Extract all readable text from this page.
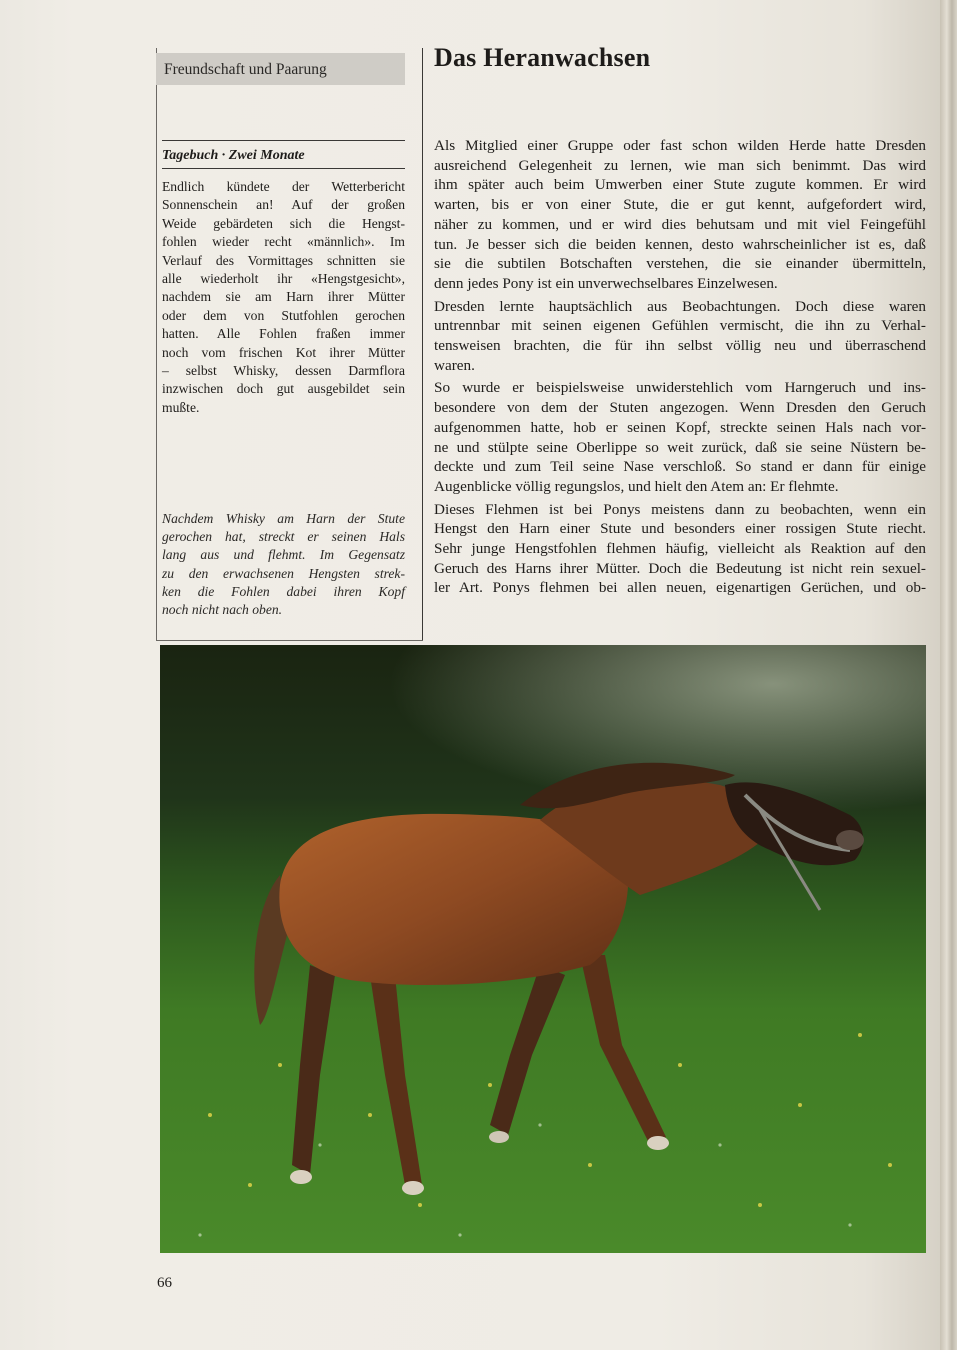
Freundschaft und Paarung	Das Heranwachsen
Tagebuch · Zwei Monate
Endlich kündete der Wetterbericht
Sonnenschein an! Auf der großen
Weide gebärdeten sich die Hengst-
fohlen wieder recht «männlich». Im
Verlauf des Vormittages schnitten sie
alle wiederholt ihr «Hengstgesicht»,
nachdem sie am Harn ihrer Mütter
oder dem von Stutfohlen gerochen
hatten. Alle Fohlen fraßen immer
noch vom frischen Kot ihrer Mütter
– selbst Whisky, dessen Darmflora
inzwischen doch gut ausgebildet sein
mußte.
Nachdem Whisky am Harn der Stute
gerochen hat, streckt er seinen Hals
lang aus und flehmt. Im Gegensatz
zu den erwachsenen Hengsten strek-
ken die Fohlen dabei ihren Kopf
noch nicht nach oben.

Als Mitglied einer Gruppe oder fast schon wilden Herde hatte Dresden
ausreichend Gelegenheit zu lernen, wie man sich benimmt. Das wird
ihm später auch beim Umwerben einer Stute zugute kommen. Er wird
warten, bis er von einer Stute, die er gut kennt, aufgefordert wird,
näher zu kommen, und er wird dies behutsam und mit viel Feingefühl
tun. Je besser sich die beiden kennen, desto wahrscheinlicher ist es, daß
sie die subtilen Botschaften verstehen, die sie einander übermitteln,
denn jedes Pony ist ein unverwechselbares Einzelwesen.

Dresden lernte hauptsächlich aus Beobachtungen. Doch diese waren
untrennbar mit seinen eigenen Gefühlen vermischt, die ihn zu Verhal-
tensweisen brachten, die für ihn selbst völlig neu und überraschend
waren.

So wurde er beispielsweise unwiderstehlich vom Harngeruch und ins-
besondere von dem der Stuten angezogen. Wenn Dresden den Geruch
aufgenommen hatte, hob er seinen Kopf, streckte seinen Hals nach vor-
ne und stülpte seine Oberlippe so weit zurück, daß sie seine Nüstern be-
deckte und zum Teil seine Nase verschloß. So stand er dann für einige
Augenblicke völlig regungslos, und hielt den Atem an: Er flehmte.

Dieses Flehmen ist bei Ponys meistens dann zu beobachten, wenn ein
Hengst den Harn einer Stute und besonders einer rossigen Stute riecht.
Sehr junge Hengstfohlen flehmen häufig, vielleicht als Reaktion auf den
Geruch des Harns ihrer Mütter. Doch die Bedeutung ist nicht rein sexuel-
ler Art. Ponys flehmen bei allen neuen, eigenartigen Gerüchen, und ob-

66
